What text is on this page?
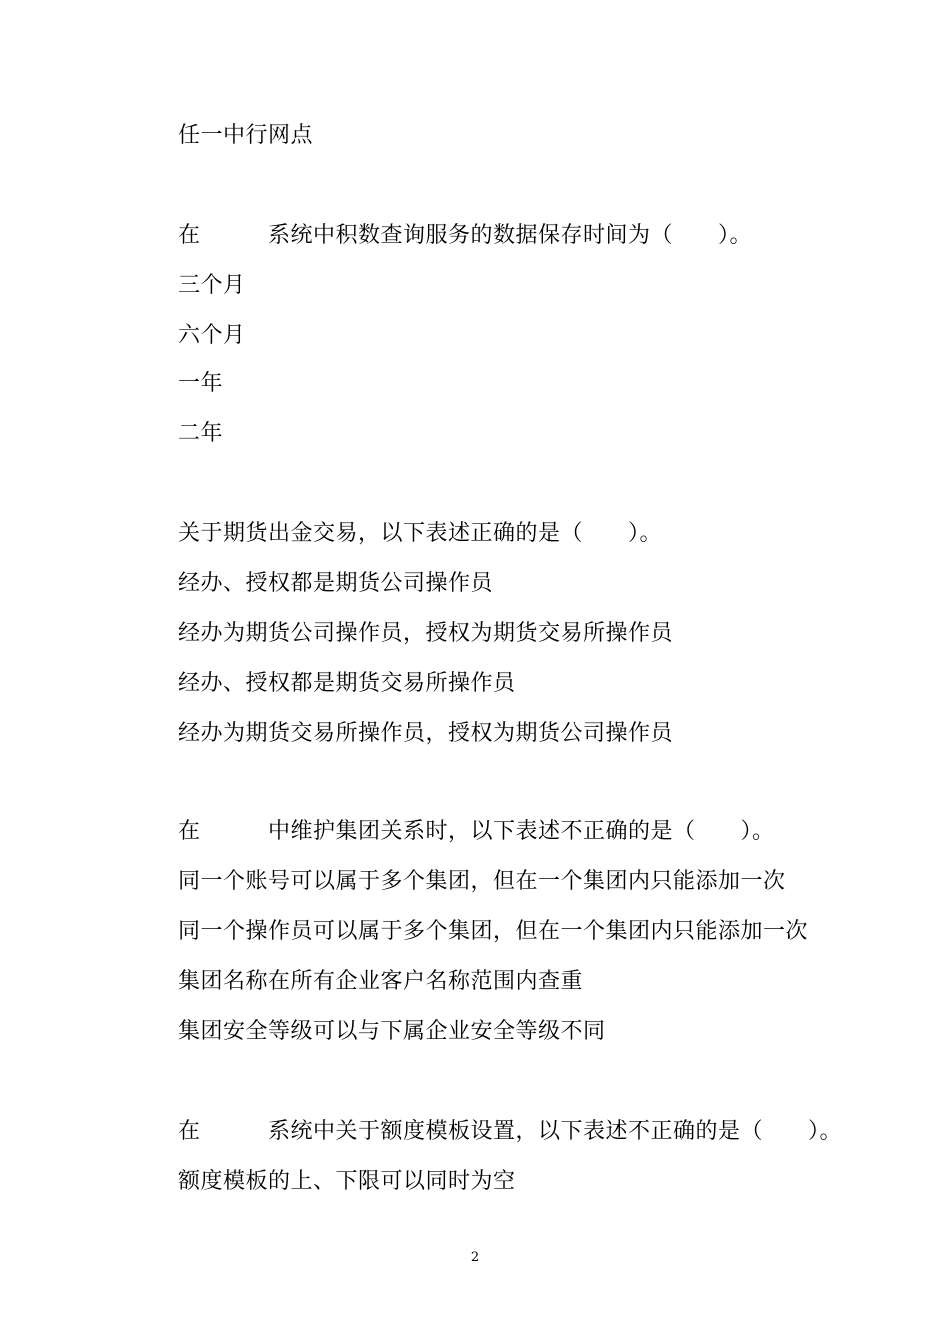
任一中行网点
在　　　系统中积数查询服务的数据保存时间为（　　）。
三个月
六个月
一年
二年
关于期货出金交易，以下表述正确的是（　　）。
经办、授权都是期货公司操作员
经办为期货公司操作员，授权为期货交易所操作员
经办、授权都是期货交易所操作员
经办为期货交易所操作员，授权为期货公司操作员
在　　　中维护集团关系时，以下表述不正确的是（　　）。
同一个账号可以属于多个集团，但在一个集团内只能添加一次
同一个操作员可以属于多个集团，但在一个集团内只能添加一次
集团名称在所有企业客户名称范围内查重
集团安全等级可以与下属企业安全等级不同
在　　　系统中关于额度模板设置，以下表述不正确的是（　　）。
额度模板的上、下限可以同时为空
2
